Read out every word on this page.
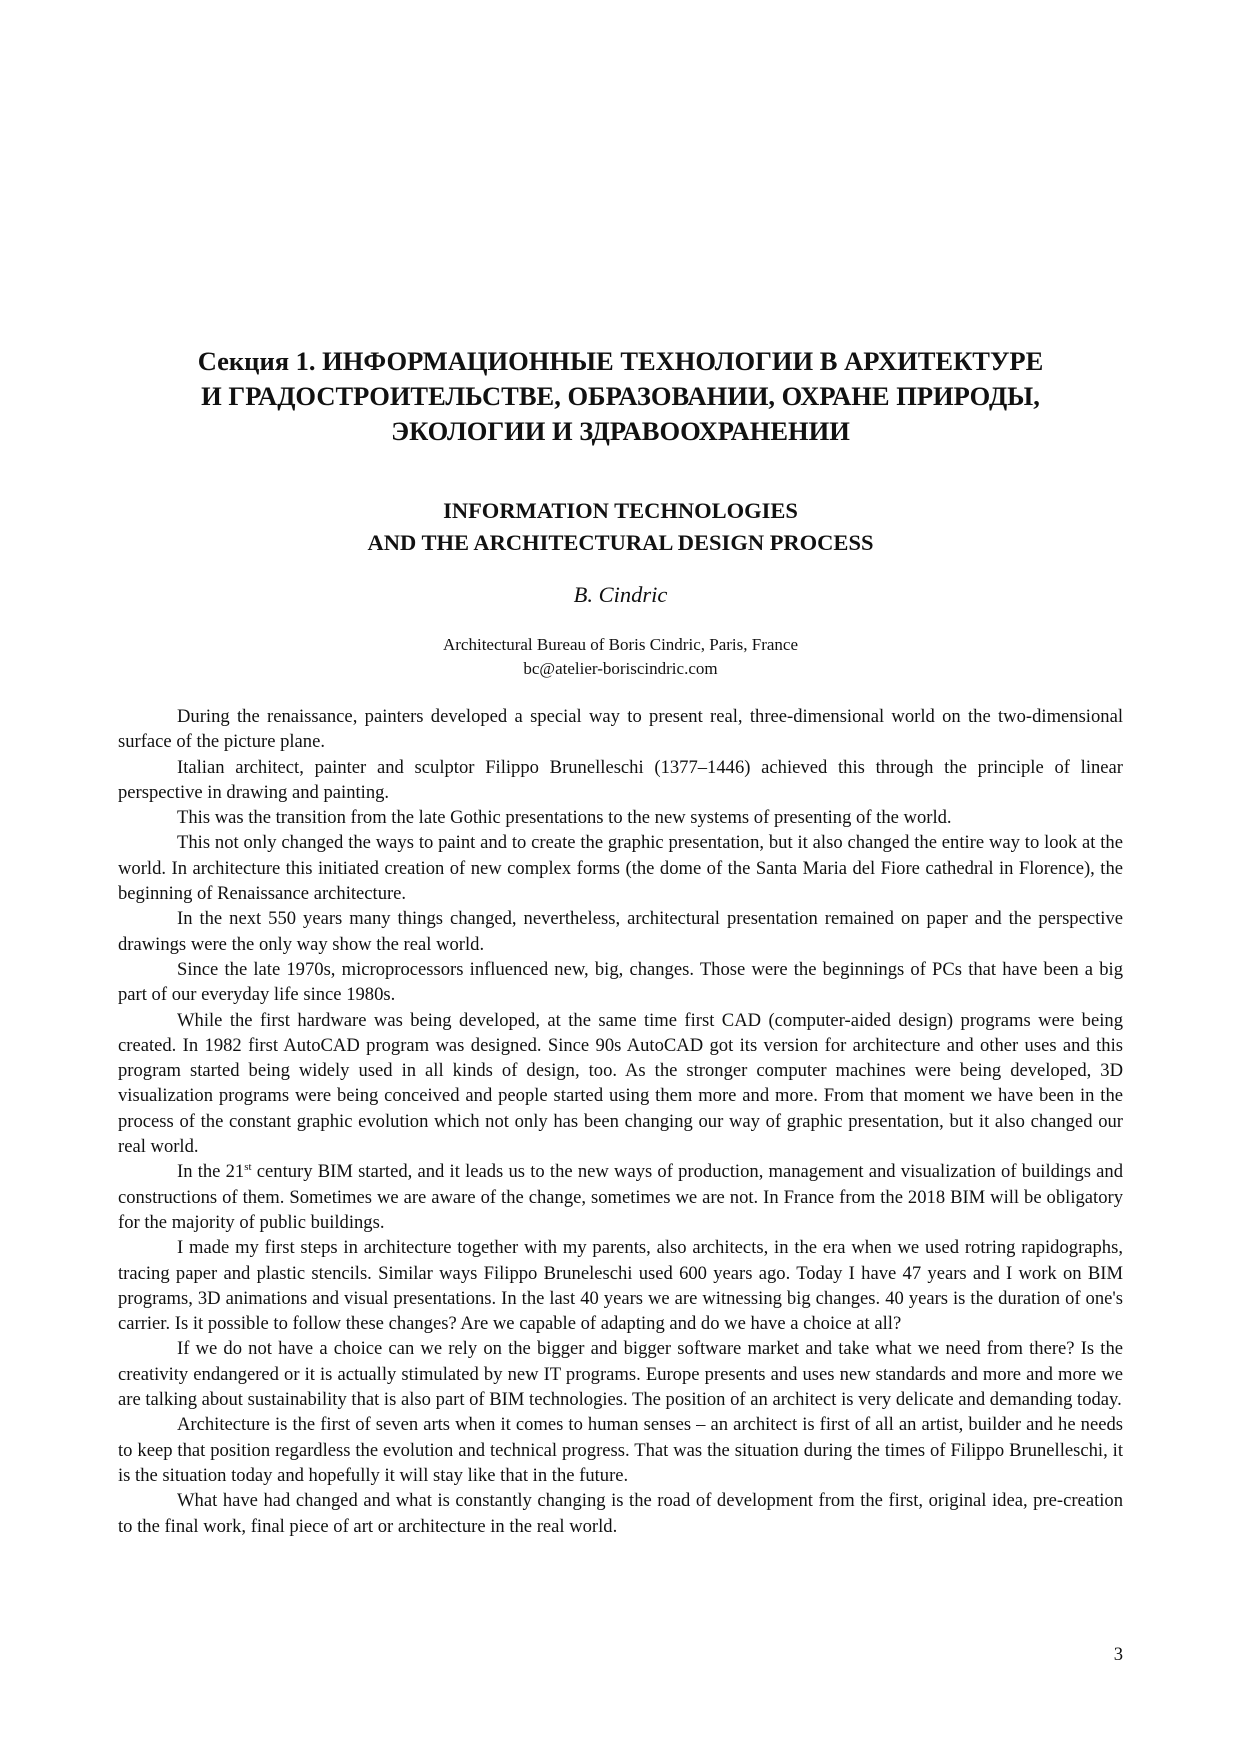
Секция 1. ИНФОРМАЦИОННЫЕ ТЕХНОЛОГИИ В АРХИТЕКТУРЕ
И ГРАДОСТРОИТЕЛЬСТВЕ, ОБРАЗОВАНИИ, ОХРАНЕ ПРИРОДЫ,
ЭКОЛОГИИ И ЗДРАВООХРАНЕНИИ
INFORMATION TECHNOLOGIES
AND THE ARCHITECTURAL DESIGN PROCESS

B. Cindric

Architectural Bureau of Boris Cindric, Paris, France
bc@atelier-boriscindric.com

During the renaissance, painters developed a special way to present real, three-dimensional world on the two-dimensional surface of the picture plane.

Italian architect, painter and sculptor Filippo Brunelleschi (1377–1446) achieved this through the principle of linear perspective in drawing and painting.

This was the transition from the late Gothic presentations to the new systems of presenting of the world.

This not only changed the ways to paint and to create the graphic presentation, but it also changed the entire way to look at the world. In architecture this initiated creation of new complex forms (the dome of the Santa Maria del Fiore cathedral in Florence), the beginning of Renaissance architecture.

In the next 550 years many things changed, nevertheless, architectural presentation remained on paper and the perspective drawings were the only way show the real world.

Since the late 1970s, microprocessors influenced new, big, changes. Those were the beginnings of PCs that have been a big part of our everyday life since 1980s.

While the first hardware was being developed, at the same time first CAD (computer-aided design) programs were being created. In 1982 first AutoCAD program was designed. Since 90s AutoCAD got its version for architecture and other uses and this program started being widely used in all kinds of design, too. As the stronger computer machines were being developed, 3D visualization programs were being conceived and people started using them more and more. From that moment we have been in the process of the constant graphic evolution which not only has been changing our way of graphic presentation, but it also changed our real world.

In the 21st century BIM started, and it leads us to the new ways of production, management and visualization of buildings and constructions of them. Sometimes we are aware of the change, sometimes we are not. In France from the 2018 BIM will be obligatory for the majority of public buildings.

I made my first steps in architecture together with my parents, also architects, in the era when we used rotring rapidographs, tracing paper and plastic stencils. Similar ways Filippo Bruneleschi used 600 years ago. Today I have 47 years and I work on BIM programs, 3D animations and visual presentations. In the last 40 years we are witnessing big changes. 40 years is the duration of one's carrier. Is it possible to follow these changes? Are we capable of adapting and do we have a choice at all?

If we do not have a choice can we rely on the bigger and bigger software market and take what we need from there? Is the creativity endangered or it is actually stimulated by new IT programs. Europe presents and uses new standards and more and more we are talking about sustainability that is also part of BIM technologies. The position of an architect is very delicate and demanding today.

Architecture is the first of seven arts when it comes to human senses – an architect is first of all an artist, builder and he needs to keep that position regardless the evolution and technical progress. That was the situation during the times of Filippo Brunelleschi, it is the situation today and hopefully it will stay like that in the future.

What have had changed and what is constantly changing is the road of development from the first, original idea, pre-creation to the final work, final piece of art or architecture in the real world.

3
